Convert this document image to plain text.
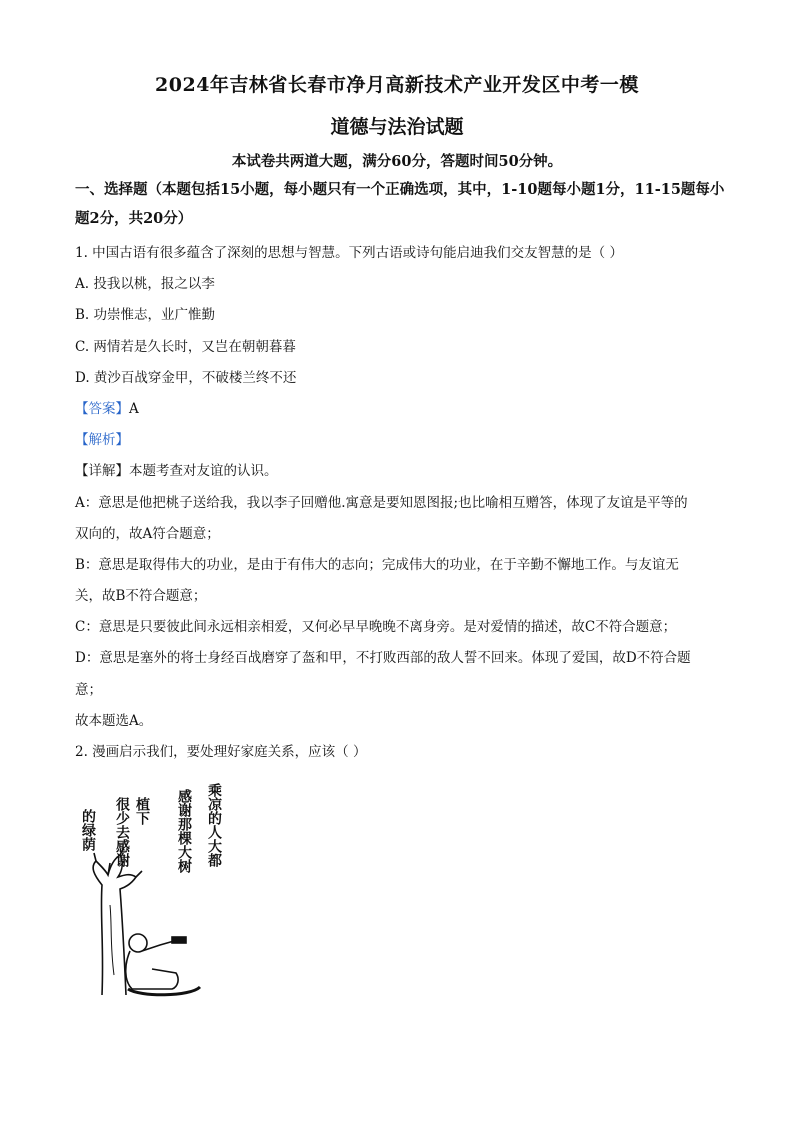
2024年吉林省长春市净月高新技术产业开发区中考一模
道德与法治试题
本试卷共两道大题，满分60分，答题时间50分钟。
一、选择题（本题包括15小题，每小题只有一个正确选项，其中，1-10题每小题1分，11-15题每小题2分，共20分）
1. 中国古语有很多蕴含了深刻的思想与智慧。下列古语或诗句能启迪我们交友智慧的是（ ）
A. 投我以桃，报之以李
B. 功崇惟志，业广惟勤
C. 两情若是久长时，又岂在朝朝暮暮
D. 黄沙百战穿金甲，不破楼兰终不还
【答案】A
【解析】
【详解】本题考查对友谊的认识。
A：意思是他把桃子送给我，我以李子回赠他.寓意是要知恩图报;也比喻相互赠答，体现了友谊是平等的
双向的，故A符合题意；
B：意思是取得伟大的功业，是由于有伟大的志向；完成伟大的功业，在于辛勤不懈地工作。与友谊无
关，故B不符合题意；
C：意思是只要彼此间永远相亲相爱，又何必早早晚晚不离身旁。是对爱情的描述，故C不符合题意；
D：意思是塞外的将士身经百战磨穿了盔和甲，不打败西部的敌人誓不回来。体现了爱国，故D不符合题
意；
故本题选A。
2. 漫画启示我们，要处理好家庭关系，应该（ ）
的绿荫	植下
很少去感谢	感谢那棵大树 乘凉的人大都
